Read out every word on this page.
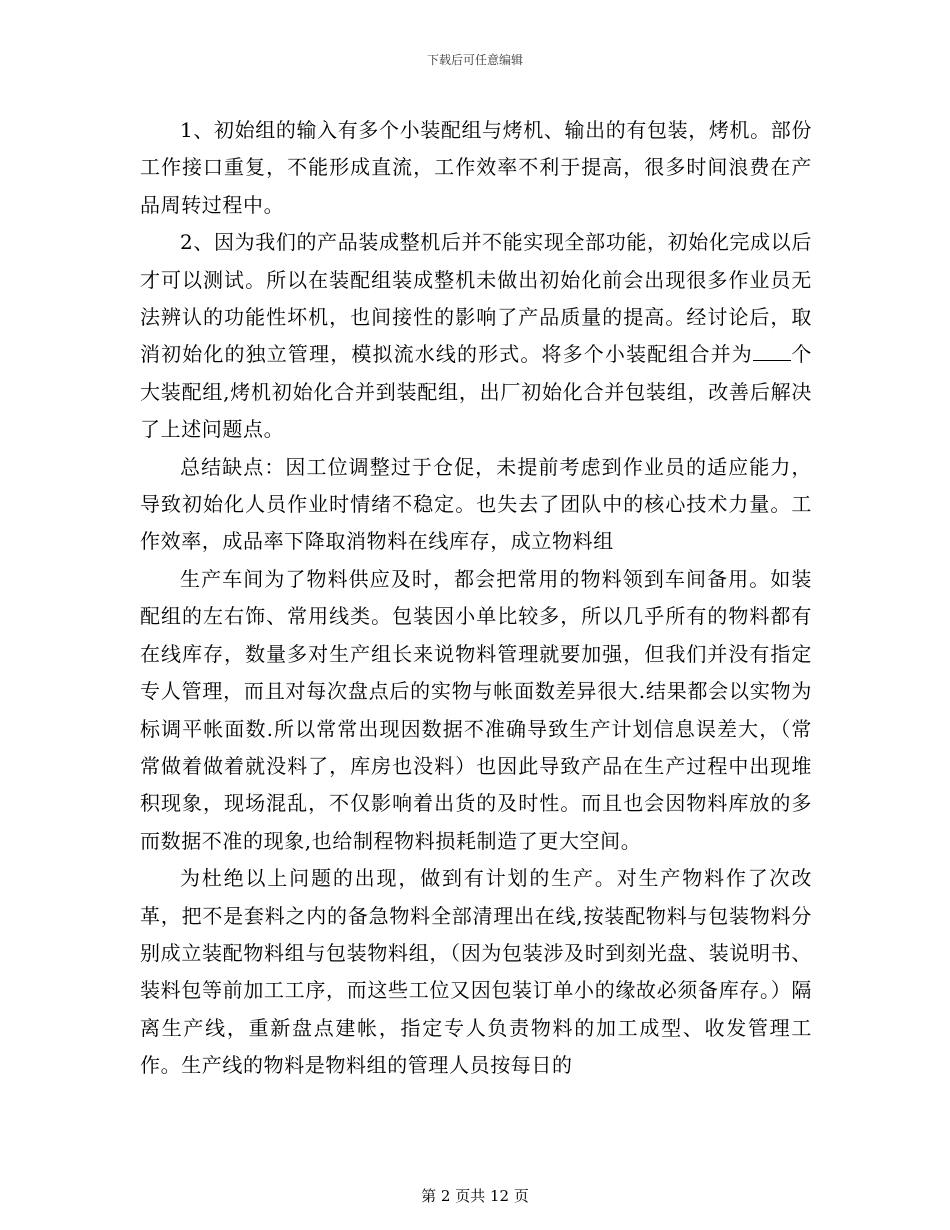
下载后可任意编辑

1、初始组的输入有多个小装配组与烤机、输出的有包装，烤机。部份工作接口重复，不能形成直流，工作效率不利于提高，很多时间浪费在产品周转过程中。

2、因为我们的产品装成整机后并不能实现全部功能，初始化完成以后才可以测试。所以在装配组装成整机未做出初始化前会出现很多作业员无法辨认的功能性坏机，也间接性的影响了产品质量的提高。经讨论后，取消初始化的独立管理，模拟流水线的形式。将多个小装配组合并为 个大装配组,烤机初始化合并到装配组，出厂初始化合并包装组，改善后解决了上述问题点。

总结缺点：因工位调整过于仓促，未提前考虑到作业员的适应能力，导致初始化人员作业时情绪不稳定。也失去了团队中的核心技术力量。工作效率，成品率下降取消物料在线库存，成立物料组

生产车间为了物料供应及时，都会把常用的物料领到车间备用。如装配组的左右饰、常用线类。包装因小单比较多，所以几乎所有的物料都有在线库存，数量多对生产组长来说物料管理就要加强，但我们并没有指定专人管理，而且对每次盘点后的实物与帐面数差异很大.结果都会以实物为标调平帐面数.所以常常出现因数据不准确导致生产计划信息误差大，（常常做着做着就没料了，库房也没料）也因此导致产品在生产过程中出现堆积现象，现场混乱，不仅影响着出货的及时性。而且也会因物料库放的多而数据不准的现象,也给制程物料损耗制造了更大空间。

为杜绝以上问题的出现，做到有计划的生产。对生产物料作了次改革，把不是套料之内的备急物料全部清理出在线,按装配物料与包装物料分别成立装配物料组与包装物料组，（因为包装涉及时到刻光盘、装说明书、装料包等前加工工序，而这些工位又因包装订单小的缘故必须备库存。）隔离生产线，重新盘点建帐，指定专人负责物料的加工成型、收发管理工作。生产线的物料是物料组的管理人员按每日的

第 2 页共 12 页
